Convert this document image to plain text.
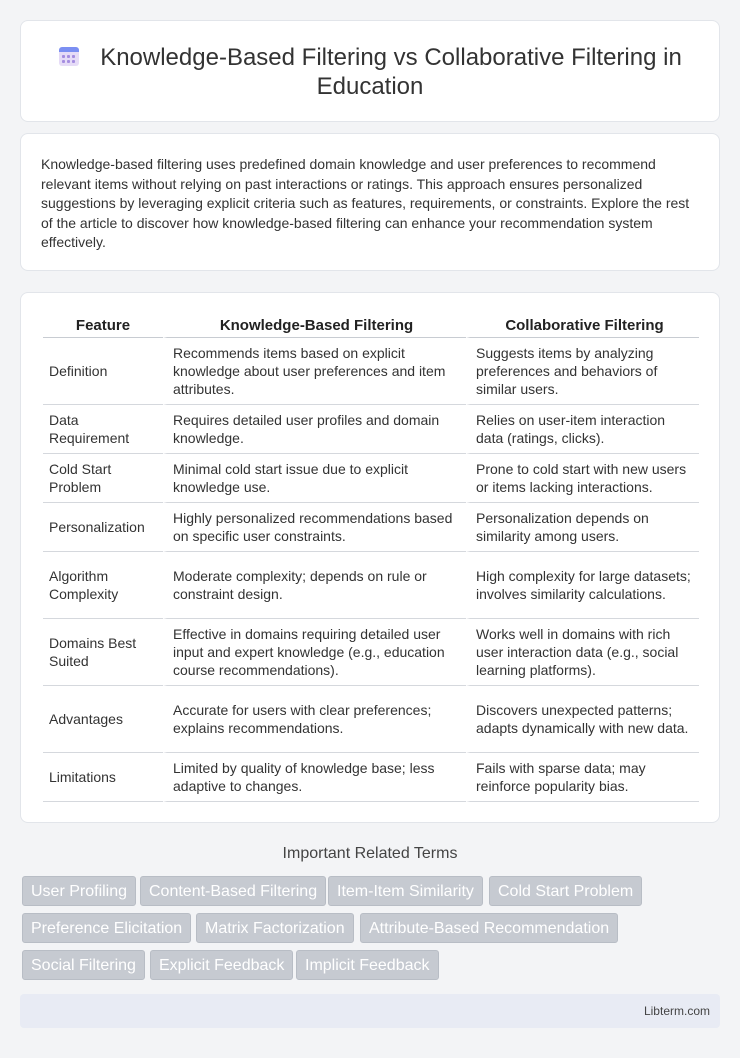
Knowledge-Based Filtering vs Collaborative Filtering in
Education

Knowledge-based filtering uses predefined domain knowledge and user preferences to recommend relevant items without relying on past interactions or ratings. This approach ensures personalized suggestions by leveraging explicit criteria such as features, requirements, or constraints. Explore the rest of the article to discover how knowledge-based filtering can enhance your recommendation system effectively.

Feature	Knowledge-Based Filtering	Collaborative Filtering
Definition	Recommends items based on explicit knowledge about user preferences and item attributes.	Suggests items by analyzing preferences and behaviors of similar users.
Data Requirement	Requires detailed user profiles and domain knowledge.	Relies on user-item interaction data (ratings, clicks).
Cold Start Problem	Minimal cold start issue due to explicit knowledge use.	Prone to cold start with new users or items lacking interactions.
Personalization	Highly personalized recommendations based on specific user constraints.	Personalization depends on similarity among users.
Algorithm Complexity	Moderate complexity; depends on rule or constraint design.	High complexity for large datasets; involves similarity calculations.
Domains Best Suited	Effective in domains requiring detailed user input and expert knowledge (e.g., education course recommendations).	Works well in domains with rich user interaction data (e.g., social learning platforms).
Advantages	Accurate for users with clear preferences; explains recommendations.	Discovers unexpected patterns; adapts dynamically with new data.
Limitations	Limited by quality of knowledge base; less adaptive to changes.	Fails with sparse data; may reinforce popularity bias.
Important Related Terms
User Profiling	Content-Based Filtering	Item-Item Similarity	Cold Start Problem
Preference Elicitation	Matrix Factorization	Attribute-Based Recommendation
Social Filtering	Explicit Feedback	Implicit Feedback
Libterm.com
